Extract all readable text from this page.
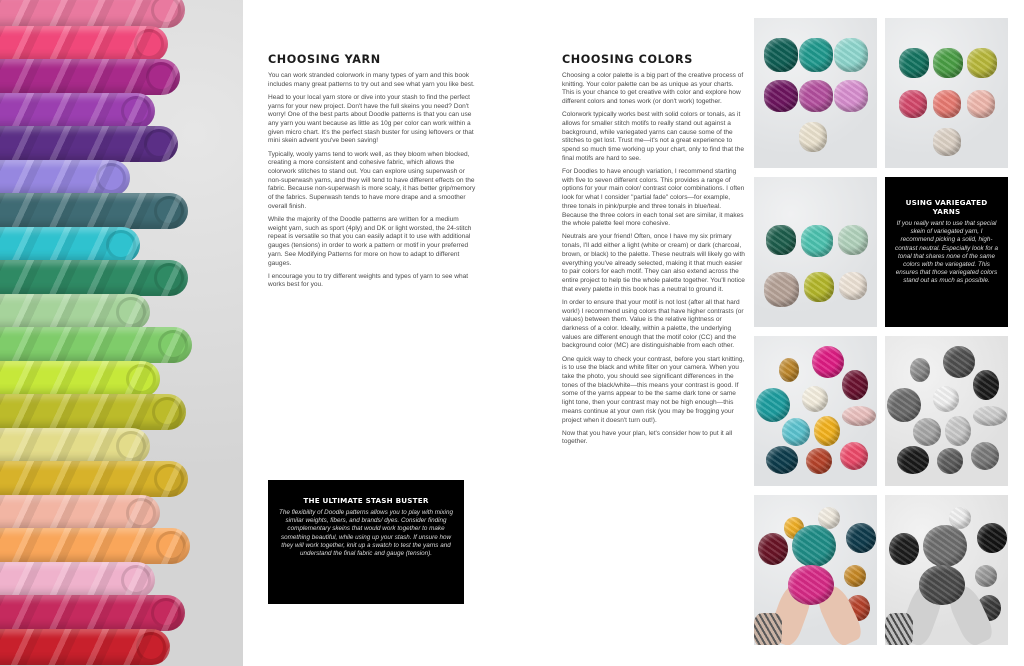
CHOOSING YARN

You can work stranded colorwork in many types of yarn and this book includes many great patterns to try out and see what yarn you like best.

Head to your local yarn store or dive into your stash to find the perfect yarns for your new project. Don't have the full skeins you need? Don't worry! One of the best parts about Doodle patterns is that you can use any yarn you want because as little as 10g per color can work within a given micro chart. It's the perfect stash buster for using leftovers or that mini skein advent you've been saving!

Typically, wooly yarns tend to work well, as they bloom when blocked, creating a more consistent and cohesive fabric, which allows the colorwork stitches to stand out. You can explore using superwash or non-superwash yarns, and they will tend to have different effects on the fabric. Because non-superwash is more scaly, it has better grip/memory of the fabrics. Superwash tends to have more drape and a smoother overall finish.

While the majority of the Doodle patterns are written for a medium weight yarn, such as sport (4ply) and DK or light worsted, the 24-stitch repeat is versatile so that you can easily adapt it to use with additional gauges (tensions) in order to work a pattern or motif in your preferred yarn. See Modifying Patterns for more on how to adapt to different gauges.

I encourage you to try different weights and types of yarn to see what works best for you.

THE ULTIMATE STASH BUSTER
The flexibility of Doodle patterns allows you to play with mixing similar weights, fibers, and brands/ dyes. Consider finding complementary skeins that would work together to make something beautiful, while using up your stash. If unsure how they will work together, knit up a swatch to test the yarns and understand the final fabric and gauge (tension).
CHOOSING COLORS

Choosing a color palette is a big part of the creative process of knitting. Your color palette can be as unique as your charts. This is your chance to get creative with color and explore how different colors and tones work (or don't work) together.

Colorwork typically works best with solid colors or tonals, as it allows for smaller stitch motifs to really stand out against a background, while variegated yarns can cause some of the stitches to get lost. Trust me—it's not a great experience to spend so much time working up your chart, only to find that the final motifs are hard to see.

For Doodles to have enough variation, I recommend starting with five to seven different colors. This provides a range of options for your main color/ contrast color combinations. I often look for what I consider "partial fade" colors—for example, three tonals in pink/purple and three tonals in blue/teal. Because the three colors in each tonal set are similar, it makes the whole palette feel more cohesive.

Neutrals are your friend! Often, once I have my six primary tonals, I'll add either a light (white or cream) or dark (charcoal, brown, or black) to the palette. These neutrals will likely go with everything you've already selected, making it that much easier to pair colors for each motif. They can also extend across the entire project to help tie the whole palette together. You'll notice that every palette in this book has a neutral to ground it.

In order to ensure that your motif is not lost (after all that hard work!) I recommend using colors that have higher contrasts (or values) between them. Value is the relative lightness or darkness of a color. Ideally, within a palette, the underlying values are different enough that the motif color (CC) and the background color (MC) are distinguishable from each other.

One quick way to check your contrast, before you start knitting, is to use the black and white filter on your camera. When you take the photo, you should see significant differences in the tones of the black/white—this means your contrast is good. If some of the yarns appear to be the same dark tone or same light tone, then your contrast may not be high enough—this means continue at your own risk (you may be frogging your project when it doesn't turn out!).

Now that you have your plan, let's consider how to put it all together.

USING VARIEGATED YARNS
If you really want to use that special skein of variegated yarn, I recommend picking a solid, high-contrast neutral. Especially look for a tonal that shares none of the same colors with the variegated. This ensures that those variegated colors stand out as much as possible.
